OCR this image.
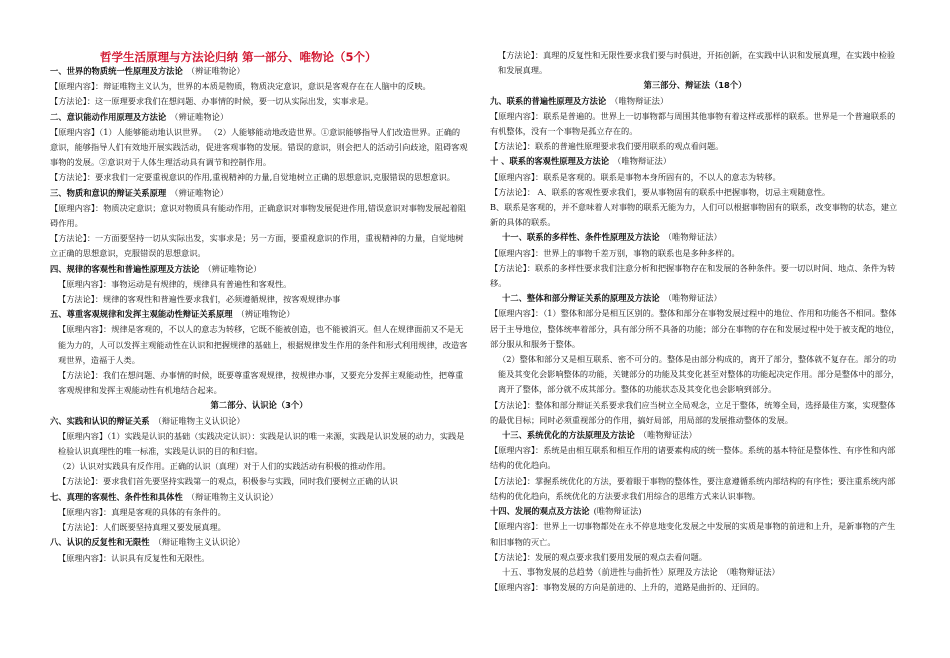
哲学生活原理与方法论归纳 第一部分、唯物论（5个）
一、世界的物质统一性原理及方法论 （辨证唯物论）
【原理内容】：辩证唯物主义认为，世界的本质是物质，物质决定意识，意识是客观存在在人脑中的反映。
【方法论】：这一原理要求我们在想问题、办事情的时候，要一切从实际出发，实事求是。
二、意识能动作用原理及方法论 （辨证唯物论）
【原理内容】（1）人能够能动地认识世界。 （2）人能够能动地改造世界。①意识能够指导人们改造世界。正确的意识，能够指导人们有效地开展实践活动，促进客观事物的发展。错误的意识，则会把人的活动引向歧途，阻碍客观事物的发展。②意识对于人体生理活动具有调节和控制作用。
【方法论】：要求我们一定要重视意识的作用,重视精神的力量,自觉地树立正确的思想意识,克服错误的思想意识。
三、物质和意识的辩证关系原理 （辨证唯物论）
【原理内容】：物质决定意识；意识对物质具有能动作用，正确意识对事物发展促进作用,错误意识对事物发展起着阻碍作用。
【方法论】：一方面要坚持一切从实际出发，实事求是；另一方面，要重视意识的作用，重视精神的力量，自觉地树立正确的思想意识，克服错误的思想意识。
四、规律的客观性和普遍性原理及方法论 （辨证唯物论）
【原理内容】：事物运动是有规律的，规律具有普遍性和客观性。
【方法论】：规律的客观性和普遍性要求我们，必须遵循规律，按客观规律办事
五、尊重客观规律和发挥主观能动性辩证关系原理 （辨证唯物论）
【原理内容】：规律是客观的，不以人的意志为转移，它既不能被创造，也不能被消灭。但人在规律面前又不是无能为力的，人可以发挥主观能动性在认识和把握规律的基础上，根据规律发生作用的条件和形式利用规律，改造客观世界，造福于人类。
【方法论】：我们在想问题、办事情的时候，既要尊重客观规律，按规律办事，又要充分发挥主观能动性，把尊重客观规律和发挥主观能动性有机地结合起来。
第二部分、认识论（3个）
六、实践和认识的辩证关系 （辩证唯物主义认识论）
【原理内容】（1）实践是认识的基础（实践决定认识）：实践是认识的唯一来源，实践是认识发展的动力，实践是检验认识真理性的唯一标准，实践是认识的目的和归宿。
（2）认识对实践具有反作用。正确的认识（真理）对于人们的实践活动有积极的推动作用。
【方法论】：要求我们首先要坚持实践第一的观点，积极参与实践，同时我们要树立正确的认识
七、真理的客观性、条件性和具体性 （辩证唯物主义认识论）
【原理内容】：真理是客观的具体的有条件的。
【方法论】：人们既要坚持真理又要发展真理。
八、认识的反复性和无限性 （辩证唯物主义认识论）
【原理内容】：认识具有反复性和无限性。
【方法论】：真理的反复性和无限性要求我们要与时俱进，开拓创新，在实践中认识和发展真理，在实践中检验和发展真理。
第三部分、辩证法（18个）
九、联系的普遍性原理及方法论 （唯物辩证法）
【原理内容】：联系是普遍的。世界上一切事物都与周围其他事物有着这样或那样的联系。世界是一个普遍联系的有机整体，没有一个事物是孤立存在的。
【方法论】：联系的普遍性原理要求我们要用联系的观点看问题。
十 、联系的客观性原理及方法论 （唯物辩证法）
【原理内容】：联系是客观的。联系是事物本身所固有的，不以人的意志为转移。
【方法论】： A、联系的客观性要求我们，要从事物固有的联系中把握事物，切忌主观随意性。
B、联系是客观的，并不意味着人对事物的联系无能为力，人们可以根据事物固有的联系，改变事物的状态，建立新的具体的联系。
十一、联系的多样性、条件性原理及方法论 （唯物辩证法）
【原理内容】：世界上的事物千差万别，事物的联系也是多种多样的。
【方法论】：联系的多样性要求我们注意分析和把握事物存在和发展的各种条件。要一切以时间、地点、条件为转移。
十二、整体和部分辩证关系的原理及方法论 （唯物辩证法）
【原理内容】：（1）整体和部分是相互区别的。整体和部分在事物发展过程中的地位、作用和功能各不相同。整体居于主导地位，整体统率着部分，具有部分所不具备的功能；部分在事物的存在和发展过程中处于被支配的地位，部分服从和服务于整体。
（2）整体和部分又是相互联系、密不可分的。整体是由部分构成的，离开了部分，整体就不复存在。部分的功能及其变化会影响整体的功能，关键部分的功能及其变化甚至对整体的功能起决定作用。部分是整体中的部分，离开了整体，部分就不成其部分。整体的功能状态及其变化也会影响到部分。
【方法论】：整体和部分辩证关系要求我们应当树立全局观念，立足于整体，统筹全局，选择最佳方案，实现整体的最优目标；同时必须重视部分的作用，搞好局部，用局部的发展推动整体的发展。
十三、系统优化的方法原理及方法论 （唯物辩证法）
【原理内容】：系统是由相互联系和相互作用的诸要素构成的统一整体。系统的基本特征是整体性、有序性和内部结构的优化趋向。
【方法论】：掌握系统优化的方法，要着眼于事物的整体性，要注意遵循系统内部结构的有序性；要注重系统内部结构的优化趋向，系统优化的方法要求我们用综合的思维方式来认识事物。
十四、发展的观点及方法论 (唯物辩证法)
【原理内容】：世界上一切事物都处在永不停息地变化发展之中发展的实质是事物的前进和上升，是新事物的产生和旧事物的灭亡。
【方法论】：发展的观点要求我们要用发展的观点去看问题。
十五、事物发展的总趋势（前进性与曲折性）原理及方法论 （唯物辩证法）
【原理内容】：事物发展的方向是前进的、上升的，道路是曲折的、迂回的。
